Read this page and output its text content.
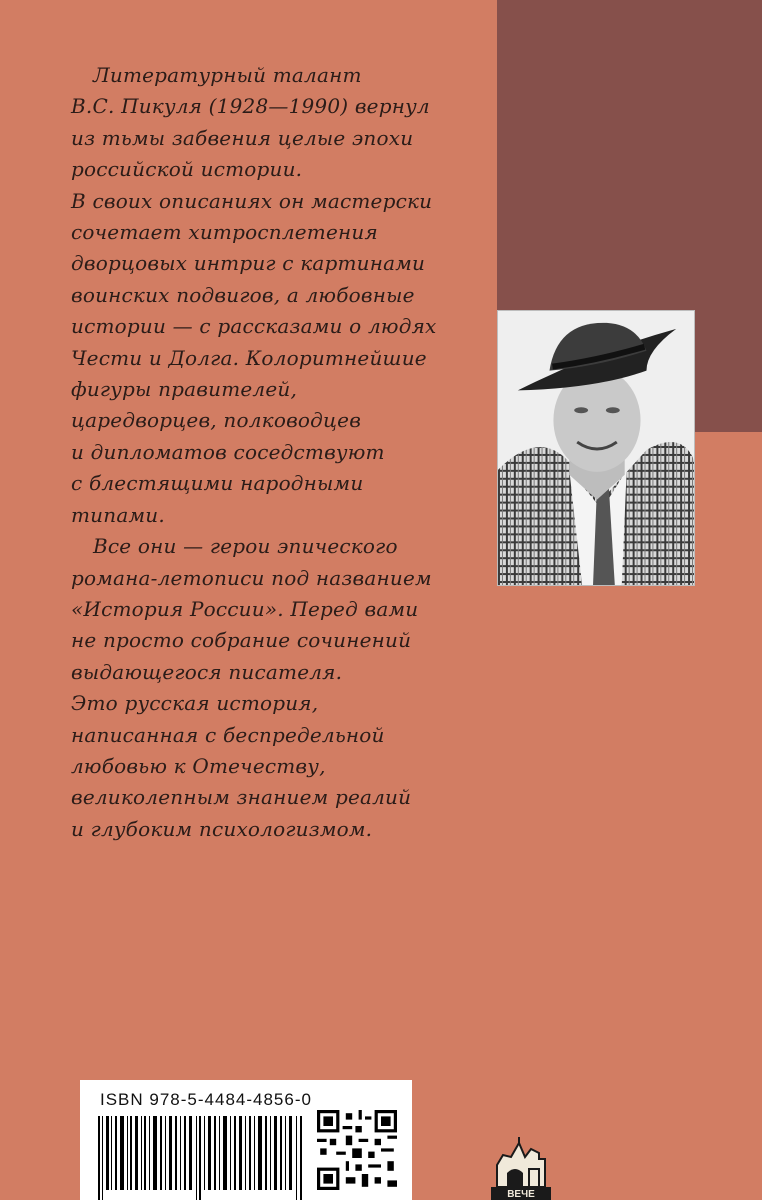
Литературный талант
В.С. Пикуля (1928—1990) вернул
из тьмы забвения целые эпохи
российской истории.
В своих описаниях он мастерски
сочетает хитросплетения
дворцовых интриг с картинами
воинских подвигов, а любовные
истории — с рассказами о людях
Чести и Долга. Колоритнейшие
фигуры правителей,
царедворцев, полководцев
и дипломатов соседствуют
с блестящими народными
типами.

Все они — герои эпического
романа-летописи под названием
«История России». Перед вами
не просто собрание сочинений
выдающегося писателя.
Это русская история,
написанная с беспредельной
любовью к Отечеству,
великолепным знанием реалий
и глубоким психологизмом.

ISBN 978-5-4484-4856-0
ВЕЧЕ
